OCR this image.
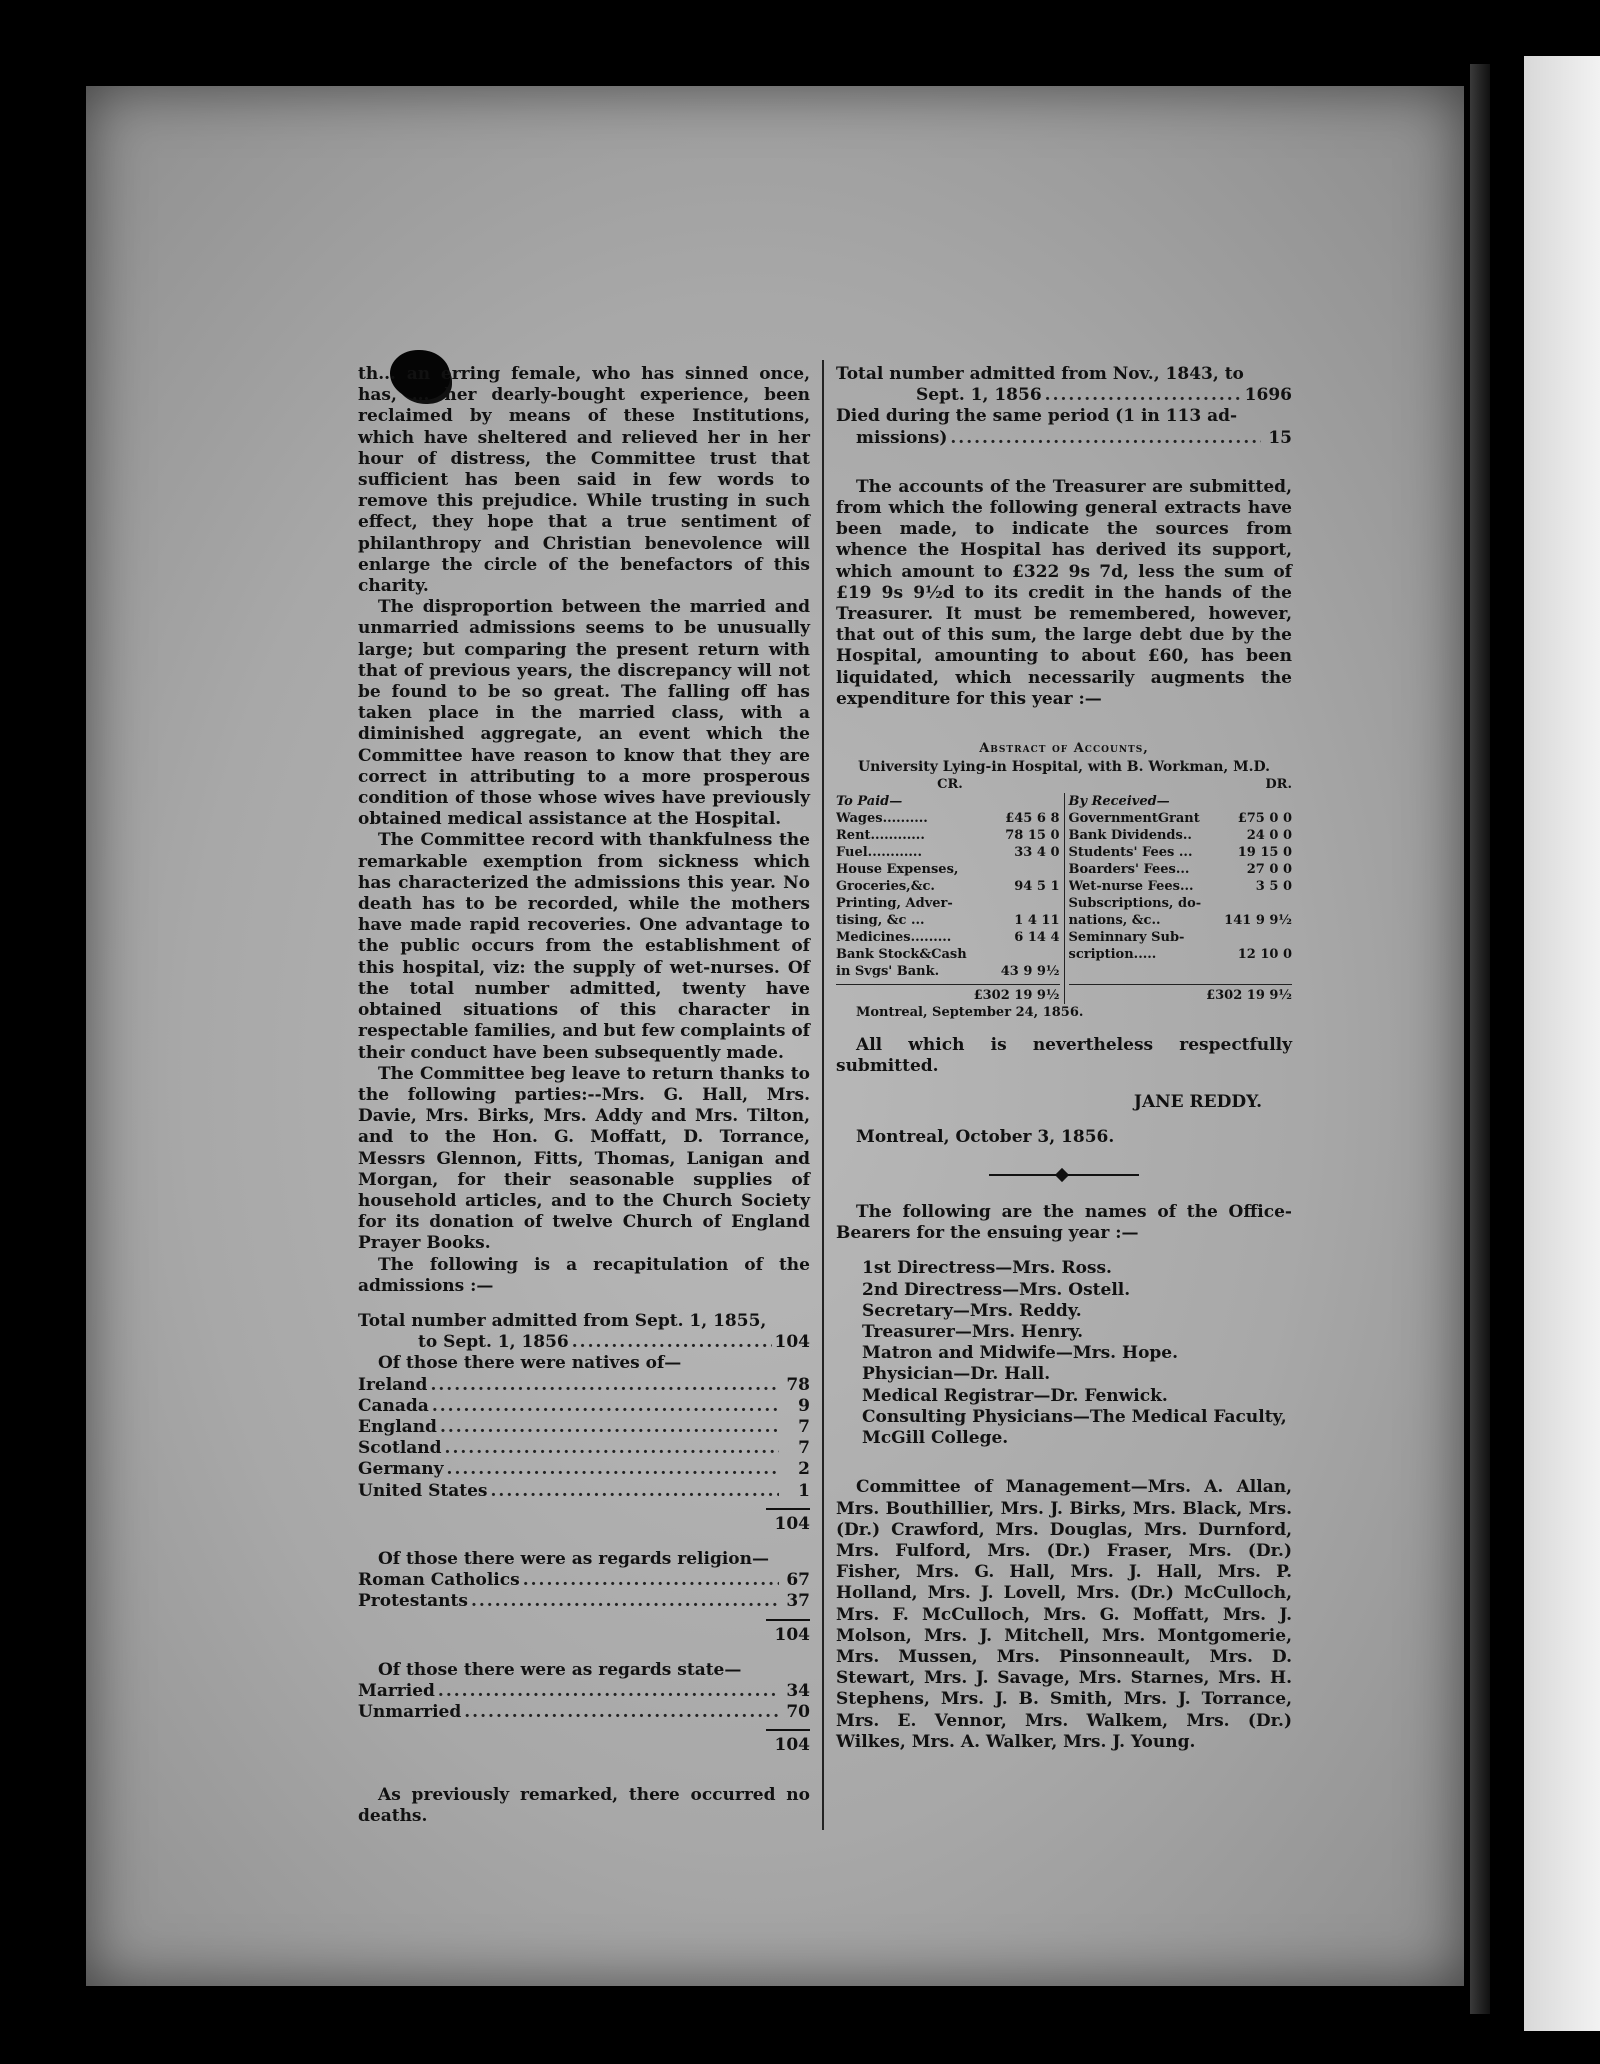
th... an erring female, who has sinned once, has, ... her dearly-bought experience, been reclaimed by means of these Institutions, which have sheltered and relieved her in her hour of distress, the Committee trust that sufficient has been said in few words to remove this prejudice. While trusting in such effect, they hope that a true sentiment of philanthropy and Christian benevolence will enlarge the circle of the benefactors of this charity.

The disproportion between the married and unmarried admissions seems to be unusually large; but comparing the present return with that of previous years, the discrepancy will not be found to be so great. The falling off has taken place in the married class, with a diminished aggregate, an event which the Committee have reason to know that they are correct in attributing to a more prosperous condition of those whose wives have previously obtained medical assistance at the Hospital.

The Committee record with thankfulness the remarkable exemption from sickness which has characterized the admissions this year. No death has to be recorded, while the mothers have made rapid recoveries. One advantage to the public occurs from the establishment of this hospital, viz: the supply of wet-nurses. Of the total number admitted, twenty have obtained situations of this character in respectable families, and but few complaints of their conduct have been subsequently made.

The Committee beg leave to return thanks to the following parties:--Mrs. G. Hall, Mrs. Davie, Mrs. Birks, Mrs. Addy and Mrs. Tilton, and to the Hon. G. Moffatt, D. Torrance, Messrs Glennon, Fitts, Thomas, Lanigan and Morgan, for their seasonable supplies of household articles, and to the Church Society for its donation of twelve Church of England Prayer Books.

The following is a recapitulation of the admissions :—

Total number admitted from Sept. 1, 1855,
to Sept. 1, 1856 .....	104
Of those there were natives of—
Ireland .....	78
Canada .....	9
England .....	7
Scotland .....	7
Germany .....	2
United States .....	1
104
Of those there were as regards religion—
Roman Catholics .....	67
Protestants .....	37
104
Of those there were as regards state—
Married .....	34
Unmarried .....	70
104

As previously remarked, there occurred no deaths.

Total number admitted from Nov., 1843, to
Sept. 1, 1856 .....	1696
Died during the same period (1 in 113 ad-
missions) .....	15

The accounts of the Treasurer are submitted, from which the following general extracts have been made, to indicate the sources from whence the Hospital has derived its support, which amount to £322 9s 7d, less the sum of £19 9s 9½d to its credit in the hands of the Treasurer. It must be remembered, however, that out of this sum, the large debt due by the Hospital, amounting to about £60, has been liquidated, which necessarily augments the expenditure for this year :—

Abstract of Accounts,
University Lying-in Hospital, with B. Workman, M.D.
CR.	DR.
To Paid—
Wages..........	£45 6 8
Rent............	78 15 0
Fuel............	33 4 0
House Expenses,
Groceries,&c.	94 5 1
Printing, Adver-
tising, &c ...	1 4 11
Medicines.........	6 14 4
Bank Stock&Cash
in Svgs' Bank.	43 9 9½
£302 19 9½
By Received—
GovernmentGrant	£75 0 0
Bank Dividends..	24 0 0
Students' Fees ...	19 15 0
Boarders' Fees...	27 0 0
Wet-nurse Fees...	3 5 0
Subscriptions, do-
nations, &c..	141 9 9½
Seminnary Sub-
scription.....	12 10 0
£302 19 9½
Montreal, September 24, 1856.

All which is nevertheless respectfully submitted.

JANE REDDY.
Montreal, October 3, 1856.

The following are the names of the Office-Bearers for the ensuing year :—

1st Directress—Mrs. Ross.
2nd Directress—Mrs. Ostell.
Secretary—Mrs. Reddy.
Treasurer—Mrs. Henry.
Matron and Midwife—Mrs. Hope.
Physician—Dr. Hall.
Medical Registrar—Dr. Fenwick.
Consulting Physicians—The Medical Faculty, McGill College.

Committee of Management—Mrs. A. Allan, Mrs. Bouthillier, Mrs. J. Birks, Mrs. Black, Mrs. (Dr.) Crawford, Mrs. Douglas, Mrs. Durnford, Mrs. Fulford, Mrs. (Dr.) Fraser, Mrs. (Dr.) Fisher, Mrs. G. Hall, Mrs. J. Hall, Mrs. P. Holland, Mrs. J. Lovell, Mrs. (Dr.) McCulloch, Mrs. F. McCulloch, Mrs. G. Moffatt, Mrs. J. Molson, Mrs. J. Mitchell, Mrs. Montgomerie, Mrs. Mussen, Mrs. Pinsonneault, Mrs. D. Stewart, Mrs. J. Savage, Mrs. Starnes, Mrs. H. Stephens, Mrs. J. B. Smith, Mrs. J. Torrance, Mrs. E. Vennor, Mrs. Walkem, Mrs. (Dr.) Wilkes, Mrs. A. Walker, Mrs. J. Young.
